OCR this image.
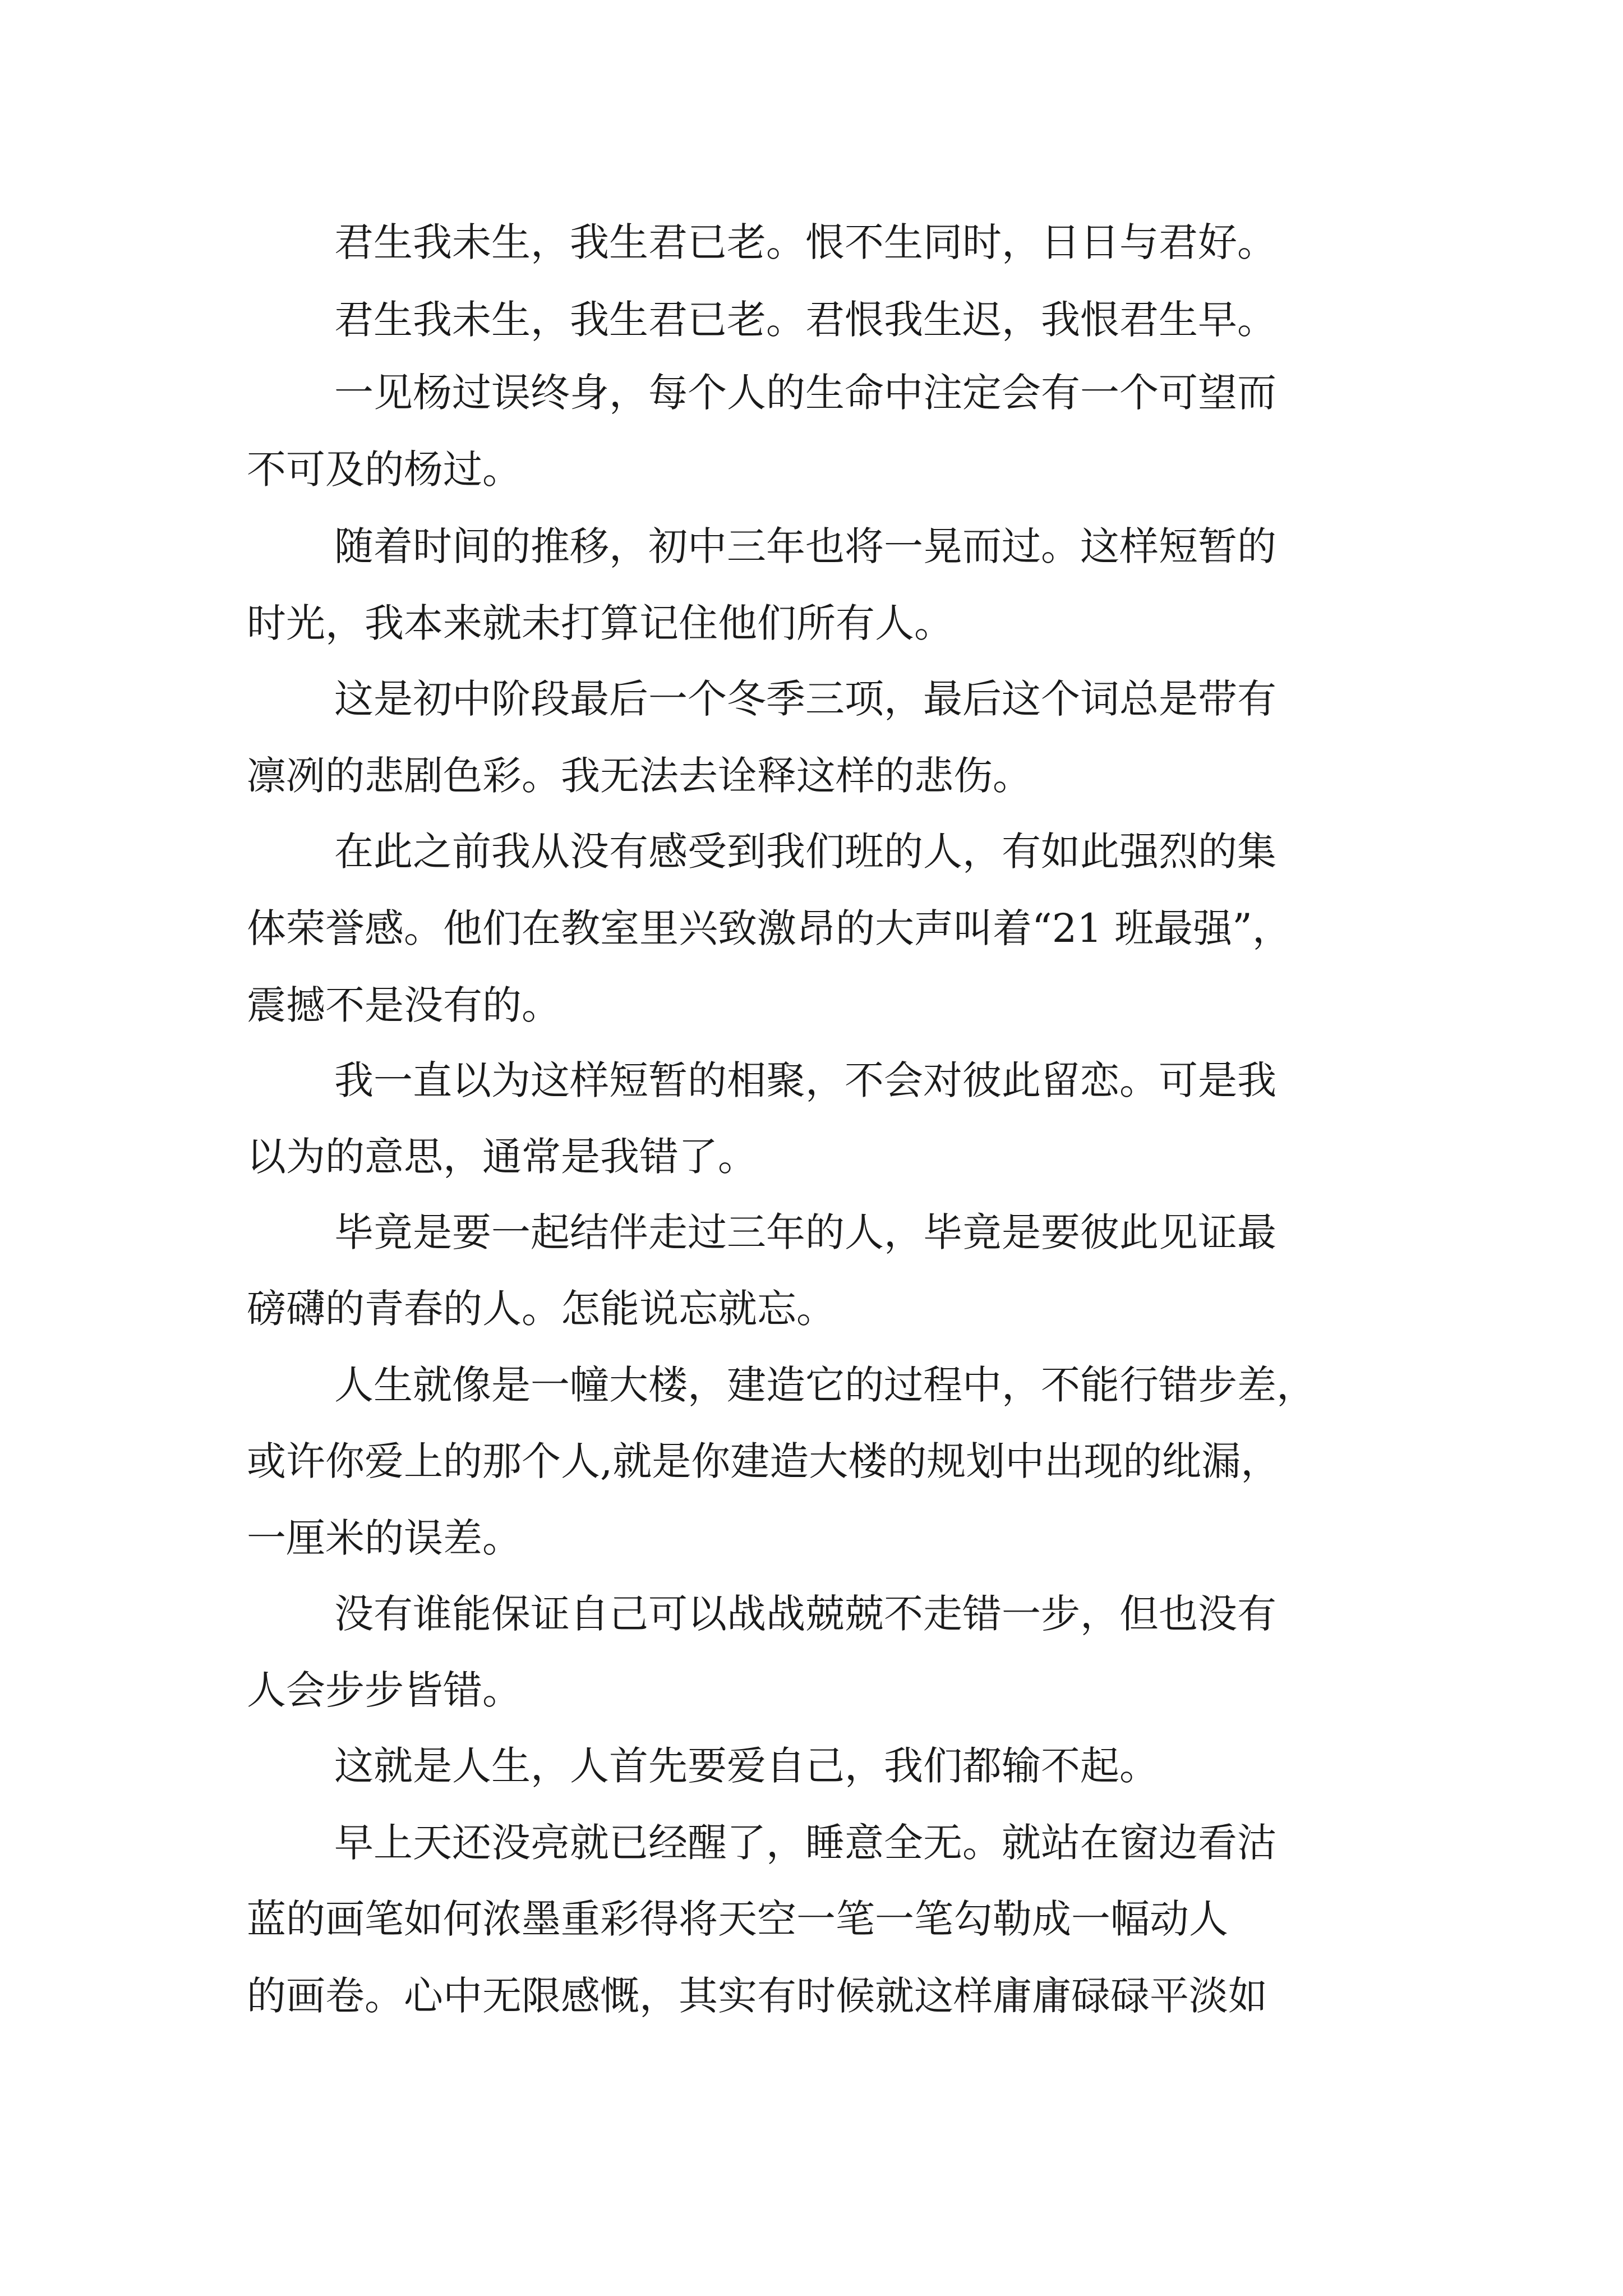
君生我未生，我生君已老。恨不生同时，日日与君好。
君生我未生，我生君已老。君恨我生迟，我恨君生早。
一见杨过误终身，每个人的生命中注定会有一个可望而
不可及的杨过。
随着时间的推移，初中三年也将一晃而过。这样短暂的
时光，我本来就未打算记住他们所有人。
这是初中阶段最后一个冬季三项，最后这个词总是带有
凛冽的悲剧色彩。我无法去诠释这样的悲伤。
在此之前我从没有感受到我们班的人，有如此强烈的集
体荣誉感。他们在教室里兴致激昂的大声叫着“21 班最强”，
震撼不是没有的。
我一直以为这样短暂的相聚，不会对彼此留恋。可是我
以为的意思，通常是我错了。
毕竟是要一起结伴走过三年的人，毕竟是要彼此见证最
磅礴的青春的人。怎能说忘就忘。
人生就像是一幢大楼，建造它的过程中，不能行错步差，
或许你爱上的那个人,就是你建造大楼的规划中出现的纰漏，
一厘米的误差。
没有谁能保证自己可以战战兢兢不走错一步，但也没有
人会步步皆错。
这就是人生，人首先要爱自己，我们都输不起。
早上天还没亮就已经醒了，睡意全无。就站在窗边看沽
蓝的画笔如何浓墨重彩得将天空一笔一笔勾勒成一幅动人
的画卷。心中无限感慨，其实有时候就这样庸庸碌碌平淡如
